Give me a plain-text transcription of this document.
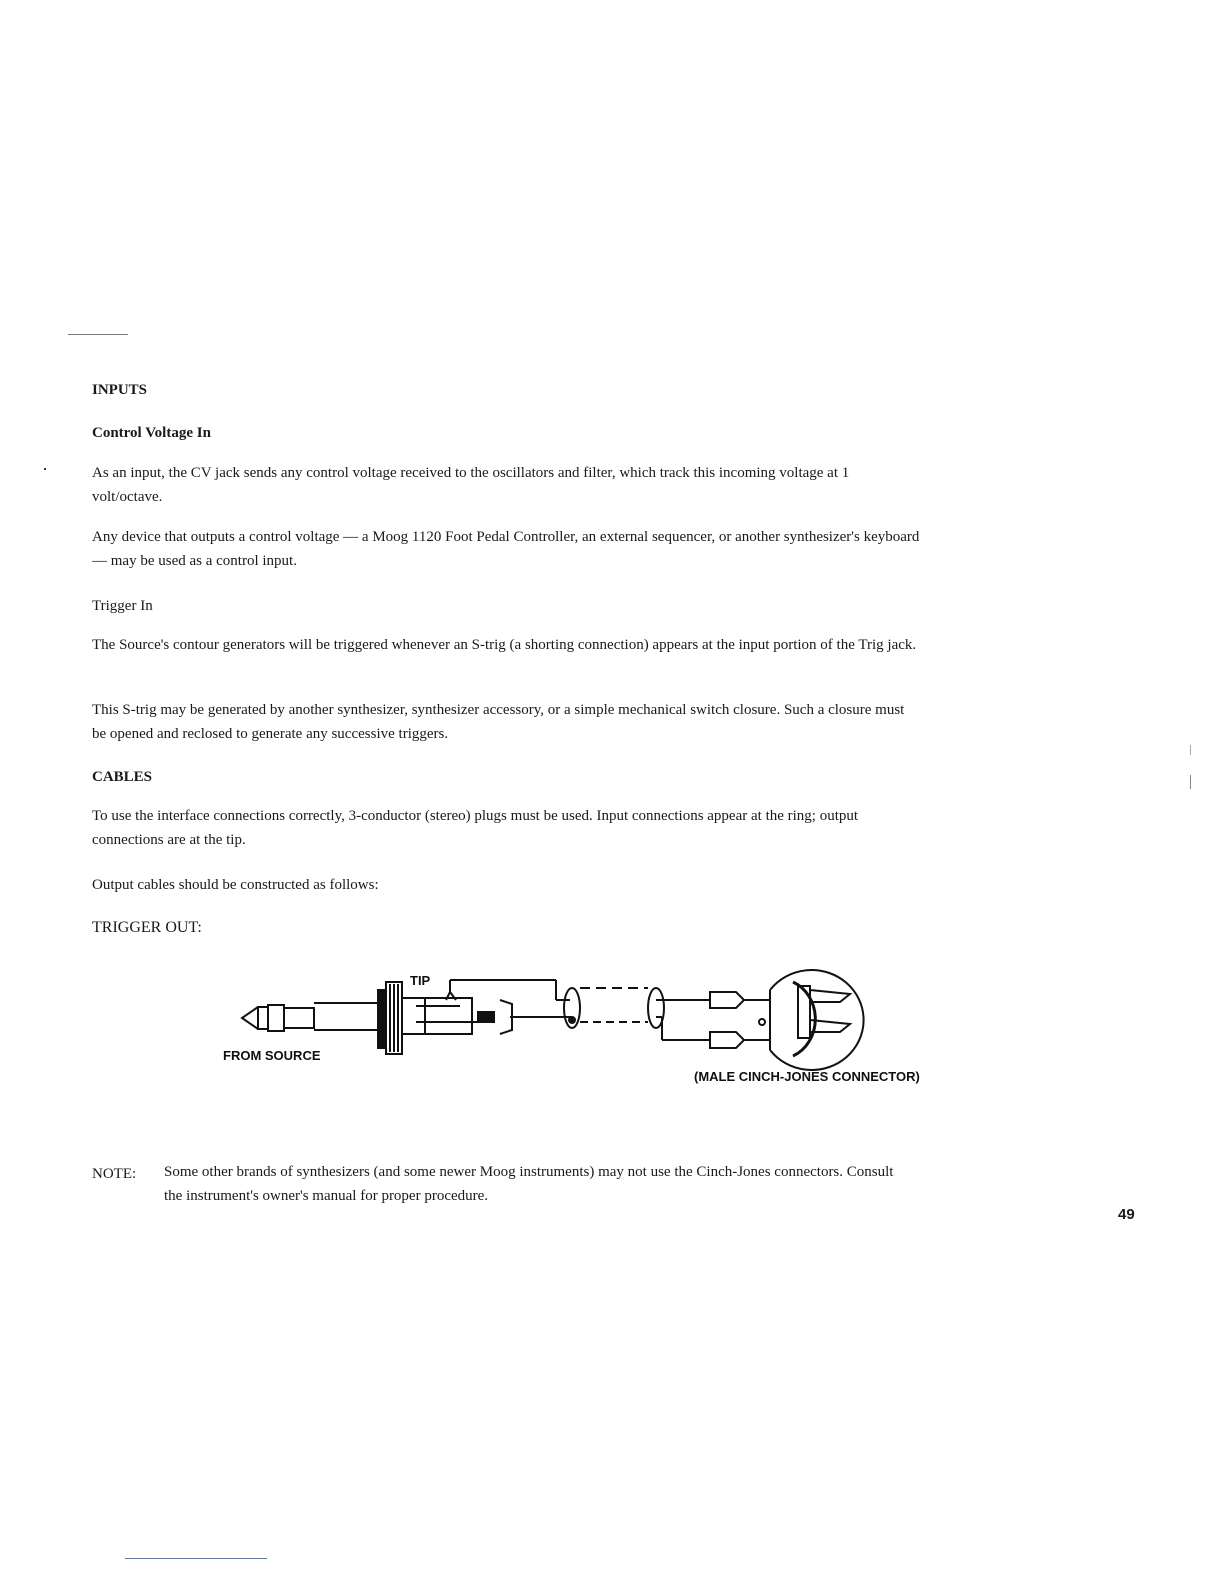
INPUTS
Control Voltage In

As an input, the CV jack sends any control voltage received to the oscillators and filter, which track this incoming voltage at 1 volt/octave.

Any device that outputs a control voltage — a Moog 1120 Foot Pedal Controller, an external sequencer, or another synthesizer's keyboard — may be used as a control input.

Trigger In

The Source's contour generators will be triggered whenever an S-trig (a shorting connection) appears at the input portion of the Trig jack.

This S-trig may be generated by another synthesizer, synthesizer accessory, or a simple mechanical switch closure. Such a closure must be opened and reclosed to generate any successive triggers.

CABLES

To use the interface connections correctly, 3-conductor (stereo) plugs must be used. Input connections appear at the ring; output connections are at the tip.

Output cables should be constructed as follows:

TRIGGER OUT:
TIP
FROM SOURCE
(MALE CINCH-JONES CONNECTOR)
NOTE: Some other brands of synthesizers (and some newer Moog instruments) may not use the Cinch-Jones connectors. Consult the instrument's owner's manual for proper procedure.

49
